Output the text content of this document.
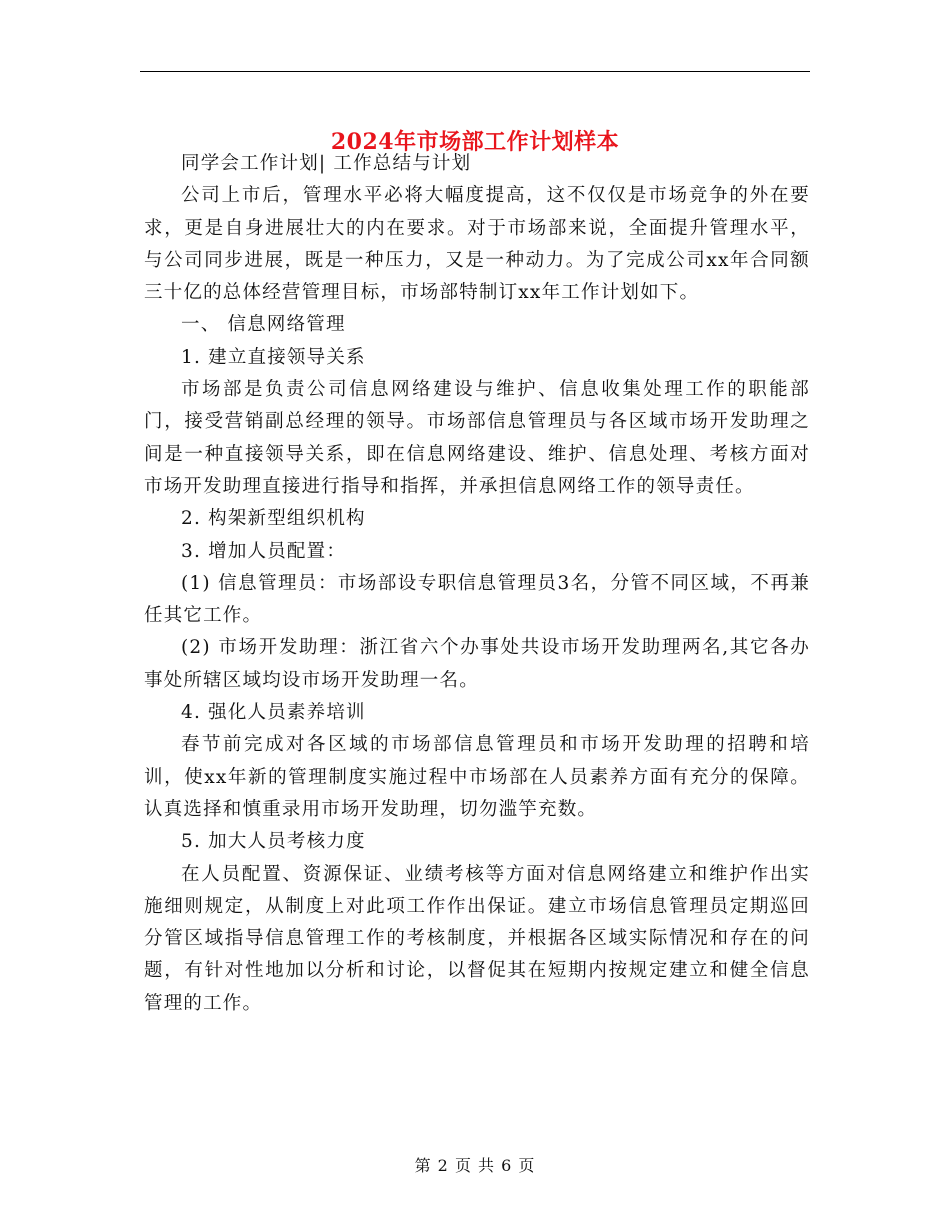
2024年市场部工作计划样本

同学会工作计划| 工作总结与计划

公司上市后，管理水平必将大幅度提高，这不仅仅是市场竞争的外在要求，更是自身进展壮大的内在要求。对于市场部来说，全面提升管理水平，与公司同步进展，既是一种压力，又是一种动力。为了完成公司xx年合同额三十亿的总体经营管理目标，市场部特制订xx年工作计划如下。

一、 信息网络管理

1. 建立直接领导关系

市场部是负责公司信息网络建设与维护、信息收集处理工作的职能部门，接受营销副总经理的领导。市场部信息管理员与各区域市场开发助理之间是一种直接领导关系，即在信息网络建设、维护、信息处理、考核方面对市场开发助理直接进行指导和指挥，并承担信息网络工作的领导责任。

2. 构架新型组织机构

3. 增加人员配置：

(1) 信息管理员：市场部设专职信息管理员3名，分管不同区域，不再兼任其它工作。

(2) 市场开发助理：浙江省六个办事处共设市场开发助理两名,其它各办事处所辖区域均设市场开发助理一名。

4. 强化人员素养培训

春节前完成对各区域的市场部信息管理员和市场开发助理的招聘和培训，使xx年新的管理制度实施过程中市场部在人员素养方面有充分的保障。认真选择和慎重录用市场开发助理，切勿滥竽充数。

5. 加大人员考核力度

在人员配置、资源保证、业绩考核等方面对信息网络建立和维护作出实施细则规定，从制度上对此项工作作出保证。建立市场信息管理员定期巡回分管区域指导信息管理工作的考核制度，并根据各区域实际情况和存在的问题，有针对性地加以分析和讨论，以督促其在短期内按规定建立和健全信息管理的工作。

第 2 页 共 6 页
